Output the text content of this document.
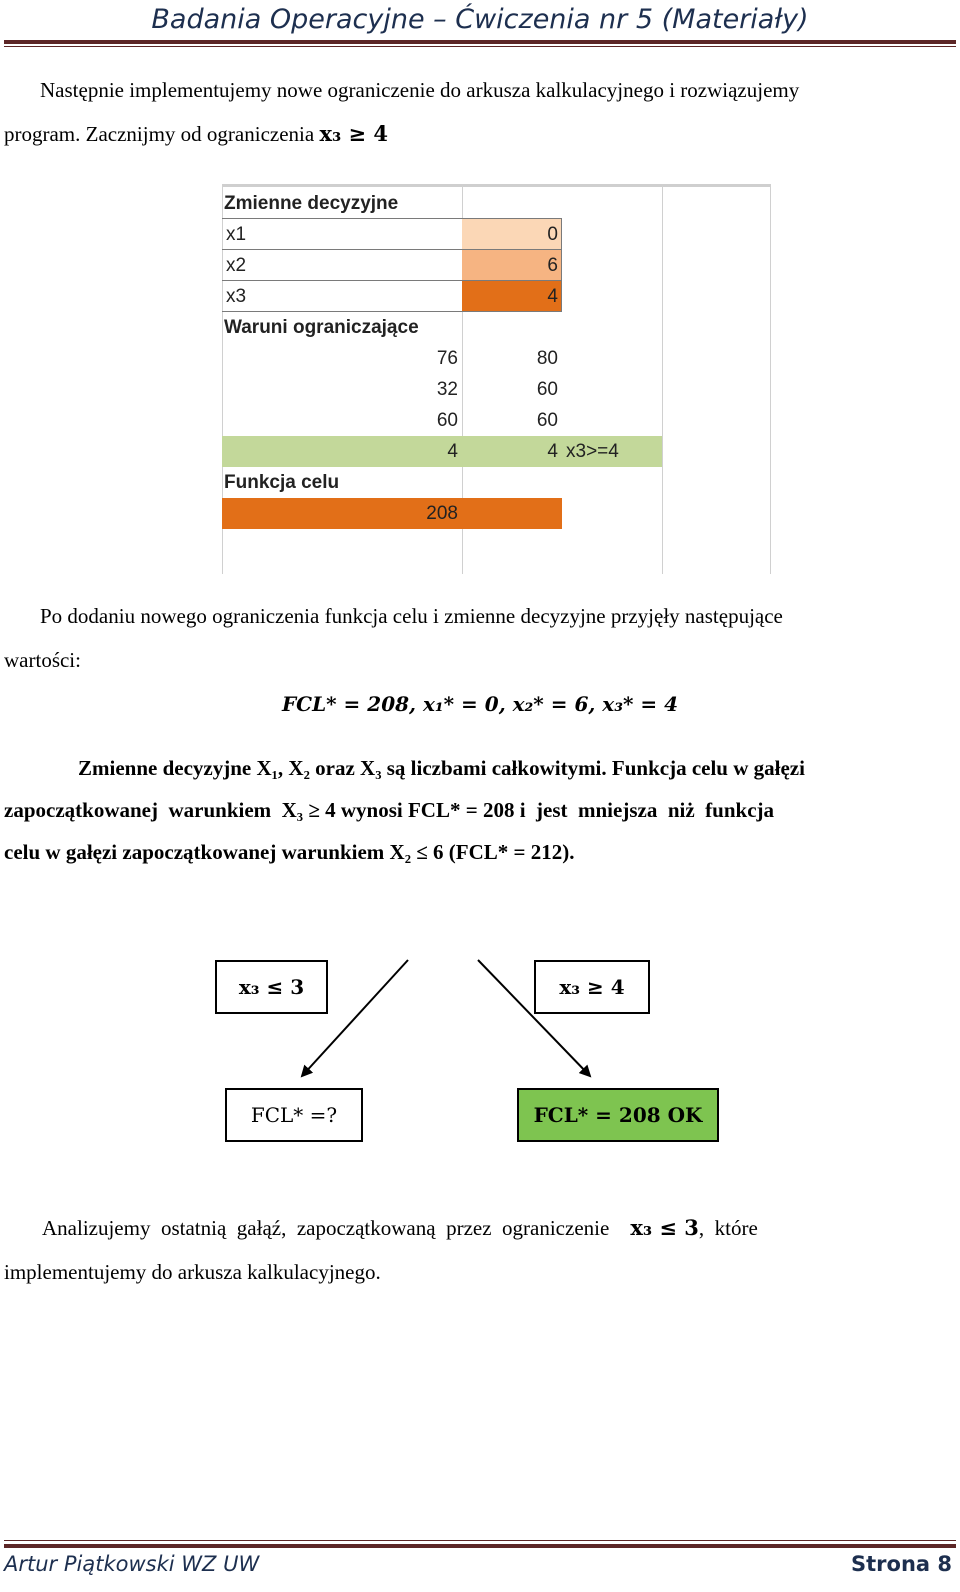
Badania Operacyjne – Ćwiczenia nr 5 (Materiały)

Następnie implementujemy nowe ograniczenie do arkusza kalkulacyjnego i rozwiązujemy

program. Zacznijmy od ograniczenia x₃ ≥ 4

Zmienne decyzyjne
x1	0
x2	6
x3	4
Waruni ograniczające
76	80
32	60
60	60
4	4 x3>=4
Funkcja celu
208

Po dodaniu nowego ograniczenia funkcja celu i zmienne decyzyjne przyjęły następujące

wartości:

FCL* = 208, x₁* = 0, x₂* = 6, x₃* = 4

Zmienne decyzyjne X₁, X₂ oraz X₃ są liczbami całkowitymi. Funkcja celu w gałęzi

zapoczątkowanej  warunkiem  X₃ ≥ 4 wynosi FCL* = 208 i  jest  mniejsza  niż  funkcja

celu w gałęzi zapoczątkowanej warunkiem X₂ ≤ 6 (FCL* = 212).

x₃ ≤ 3	x₃ ≥ 4
FCL* =?	FCL* = 208 OK

Analizujemy  ostatnią  gałąź,  zapoczątkowaną  przez  ograniczenie x₃ ≤ 3,  które

implementujemy do arkusza kalkulacyjnego.

Artur Piątkowski WZ UW	Strona 8
